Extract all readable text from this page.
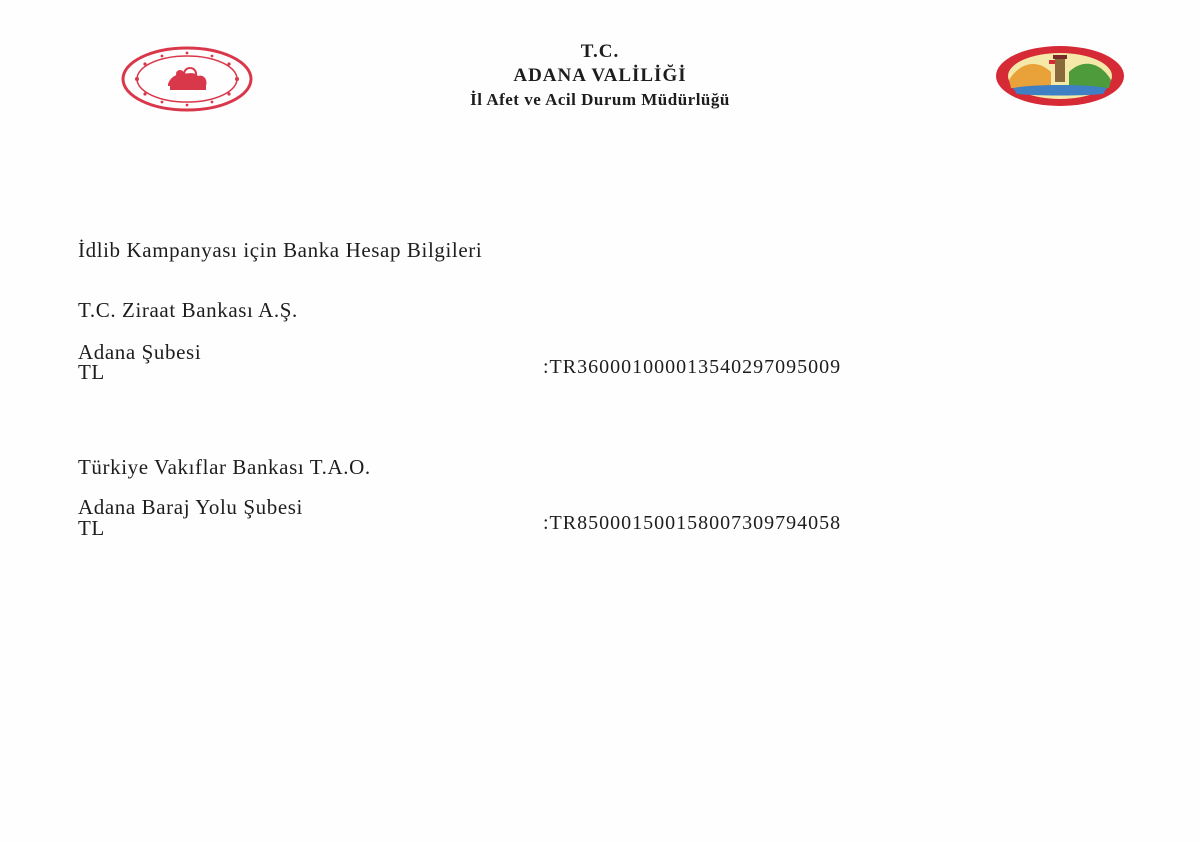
T.C.
ADANA VALİLİĞİ
İl Afet ve Acil Durum Müdürlüğü
İdlib Kampanyası için Banka Hesap Bilgileri
T.C. Ziraat Bankası A.Ş.
Adana Şubesi
TL	:TR360001000013540297095009
Türkiye Vakıflar Bankası T.A.O.
Adana Baraj Yolu Şubesi
TL	:TR850001500158007309794058
